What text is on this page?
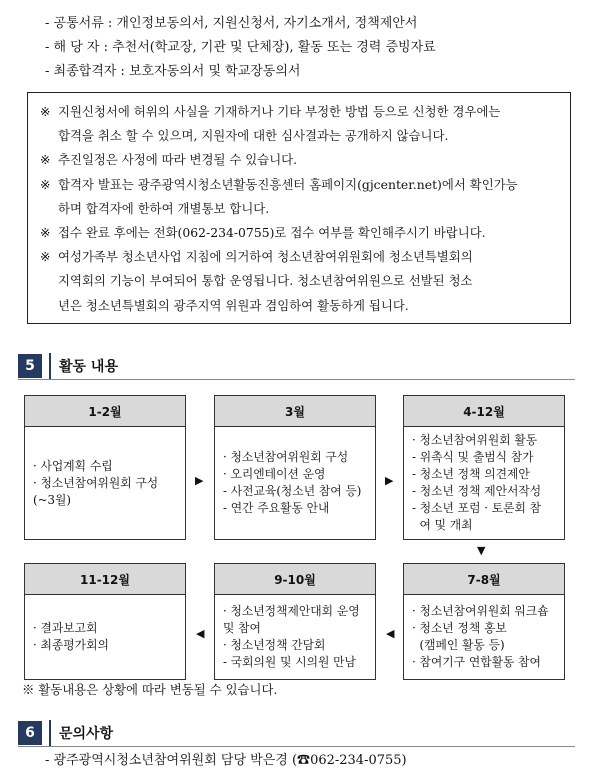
- 공통서류 : 개인정보동의서, 지원신청서, 자기소개서, 정책제안서
- 해 당 자 : 추천서(학교장, 기관 및 단체장), 활동 또는 경력 증빙자료
- 최종합격자 : 보호자동의서 및 학교장동의서
※ 지원신청서에 허위의 사실을 기재하거나 기타 부정한 방법 등으로 신청한 경우에는
합격을 취소 할 수 있으며, 지원자에 대한 심사결과는 공개하지 않습니다.
※ 추진일정은 사정에 따라 변경될 수 있습니다.
※ 합격자 발표는 광주광역시청소년활동진흥센터 홈페이지(gjcenter.net)에서 확인가능
하며 합격자에 한하여 개별통보 합니다.
※ 접수 완료 후에는 전화(062-234-0755)로 접수 여부를 확인해주시기 바랍니다.
※ 여성가족부 청소년사업 지침에 의거하여 청소년참여위원회에 청소년특별회의
지역회의 기능이 부여되어 통합 운영됩니다. 청소년참여위원으로 선발된 청소
년은 청소년특별회의 광주지역 위원과 겸임하여 활동하게 됩니다.
5	활동 내용
1-2월
· 사업계획 수립
· 청소년참여위원회 구성(~3월)
▶
3월
· 청소년참여위원회 구성
· 오리엔테이션 운영
- 사전교육(청소년 참여 등)
- 연간 주요활동 안내
▶
4-12월
· 청소년참여위원회 활동
- 위촉식 및 출범식 참가
- 청소년 정책 의견제안
- 청소년 정책 제안서작성
- 청소년 포럼 · 토론회 참
여 및 개최
▼
11-12월
· 결과보고회
· 최종평가회의
◀
9-10월
· 청소년정책제안대회 운영
및 참여
· 청소년정책 간담회
- 국회의원 및 시의원 만남
◀
7-8월
· 청소년참여위원회 워크숍
· 청소년 정책 홍보
(캠페인 활동 등)
· 참여기구 연합활동 참여
※ 활동내용은 상황에 따라 변동될 수 있습니다.
6	문의사항
- 광주광역시청소년참여위원회 담당 박은경 (☎062-234-0755)
